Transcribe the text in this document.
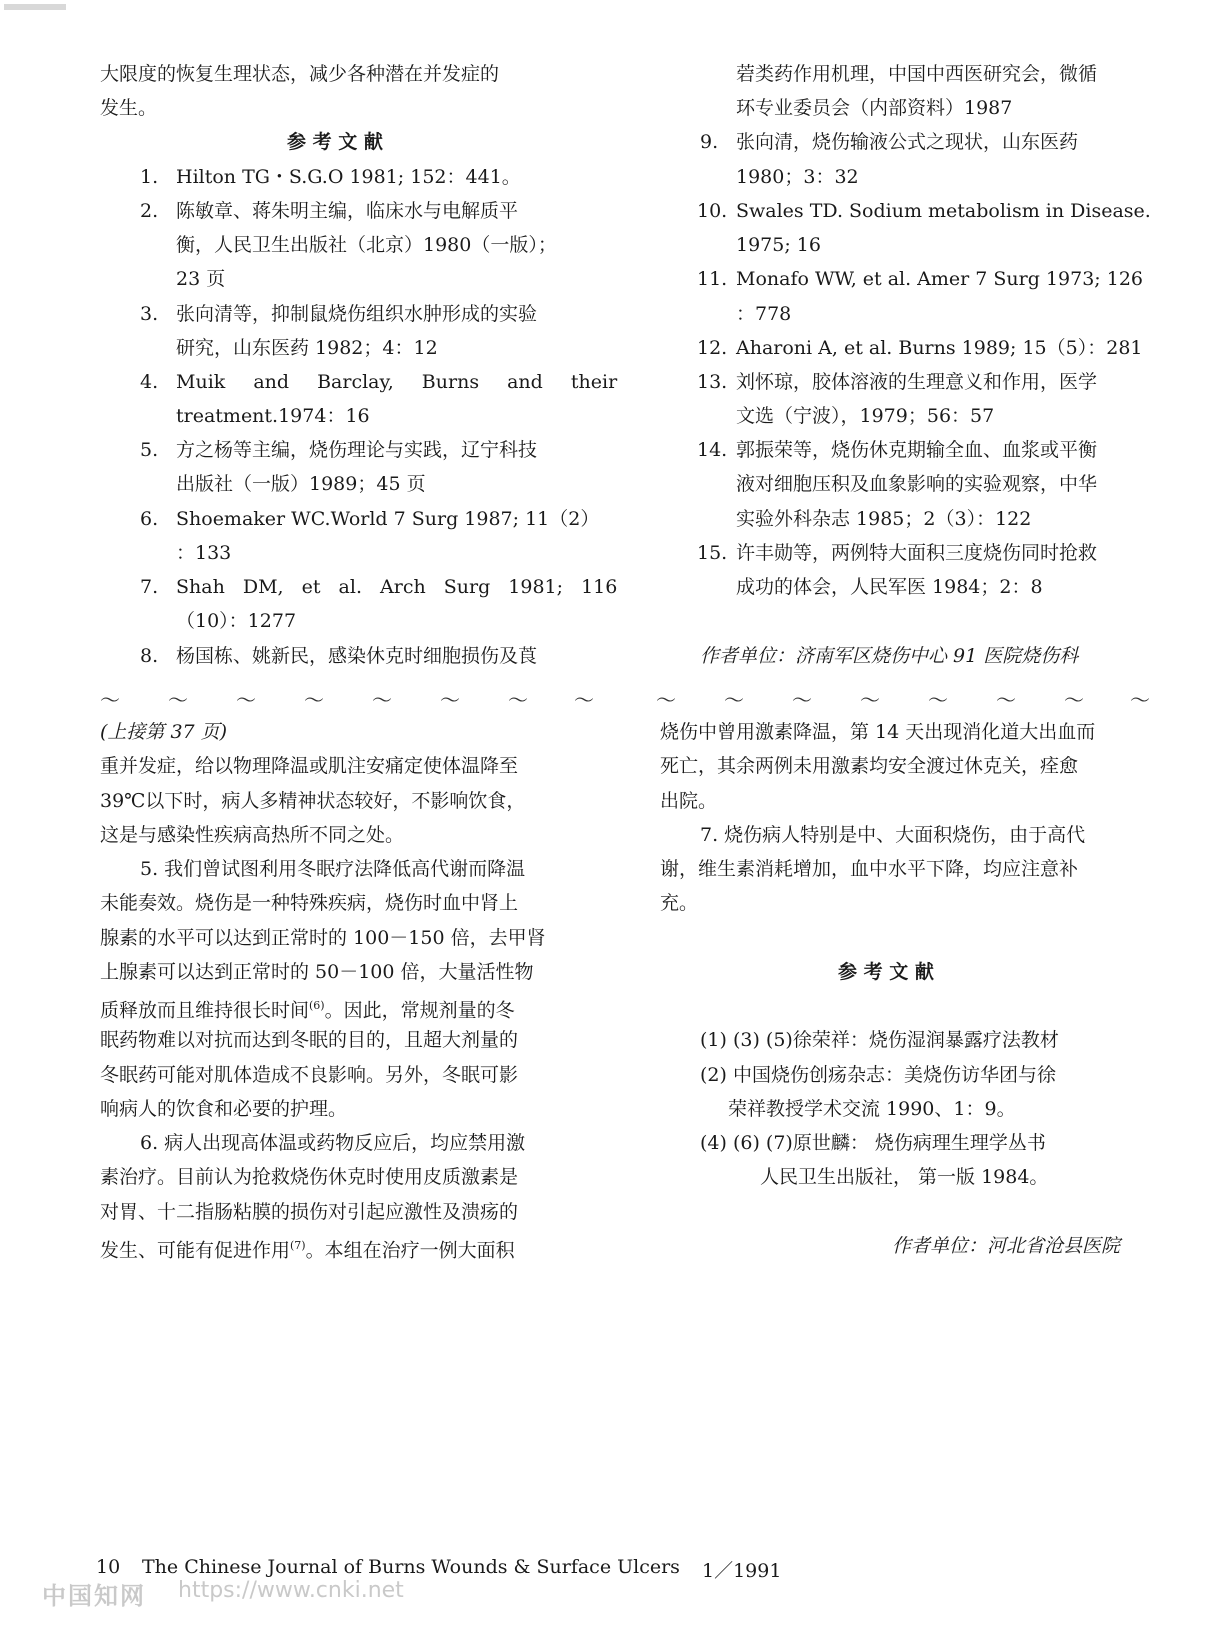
大限度的恢复生理状态，减少各种潜在并发症的
发生。
参 考 文 献
1. Hilton TG・S.G.O 1981; 152：441。
2. 陈敏章、蒋朱明主编，临床水与电解质平
衡，人民卫生出版社（北京）1980（一版）；
23 页
3. 张向清等，抑制鼠烧伤组织水肿形成的实验
研究，山东医药 1982；4：12
4. Muik and Barclay, Burns and their
treatment.1974：16
5. 方之杨等主编，烧伤理论与实践，辽宁科技
出版社（一版）1989；45 页
6. Shoemaker WC.World 7 Surg 1987; 11（2）
：133
7. Shah DM, et al. Arch Surg 1981; 116
（10）：1277
8. 杨国栋、姚新民，感染休克时细胞损伤及莨
菪类药作用机理，中国中西医研究会，微循
环专业委员会（内部资料）1987
9. 张向清，烧伤输液公式之现状，山东医药
1980；3：32
10. Swales TD. Sodium metabolism in Disease.
1975; 16
11. Monafo WW, et al. Amer 7 Surg 1973; 126
：778
12. Aharoni A, et al. Burns 1989; 15（5）：281
13. 刘怀琼，胶体溶液的生理意义和作用，医学
文选（宁波），1979；56：57
14. 郭振荣等，烧伤休克期输全血、血浆或平衡
液对细胞压积及血象影响的实验观察，中华
实验外科杂志 1985；2（3）：122
15. 许丰勋等，两例特大面积三度烧伤同时抢救
成功的体会，人民军医 1984；2：8
作者单位：济南军区烧伤中心 91 医院烧伤科
～ ～ ～ ～ ～ ～ ～ ～	～ ～ ～ ～ ～ ～ ～ ～
(上接第 37 页)
重并发症，给以物理降温或肌注安痛定使体温降至
39℃以下时，病人多精神状态较好，不影响饮食，
这是与感染性疾病高热所不同之处。
5. 我们曾试图利用冬眠疗法降低高代谢而降温
未能奏效。烧伤是一种特殊疾病，烧伤时血中肾上
腺素的水平可以达到正常时的 100－150 倍，去甲肾
上腺素可以达到正常时的 50－100 倍，大量活性物
质释放而且维持很长时间$^{(6)}$。因此，常规剂量的冬
眠药物难以对抗而达到冬眠的目的，且超大剂量的
冬眠药可能对肌体造成不良影响。另外，冬眠可影
响病人的饮食和必要的护理。
6. 病人出现高体温或药物反应后，均应禁用激
素治疗。目前认为抢救烧伤休克时使用皮质激素是
对胃、十二指肠粘膜的损伤对引起应激性及溃疡的
发生、可能有促进作用$^{(7)}$。本组在治疗一例大面积
烧伤中曾用激素降温，第 14 天出现消化道大出血而
死亡，其余两例未用激素均安全渡过休克关，痊愈
出院。
7. 烧伤病人特别是中、大面积烧伤，由于高代
谢，维生素消耗增加，血中水平下降，均应注意补
充。
参 考 文 献
(1) (3) (5)徐荣祥：烧伤湿润暴露疗法教材
(2) 中国烧伤创疡杂志：美烧伤访华团与徐
荣祥教授学术交流 1990、1：9。
(4) (6) (7)原世麟： 烧伤病理生理学丛书
人民卫生出版社， 第一版 1984。
作者单位：河北省沧县医院
10 The Chinese Journal of Burns Wounds & Surface Ulcers 1／1991
中国知网 https://www.cnki.net
